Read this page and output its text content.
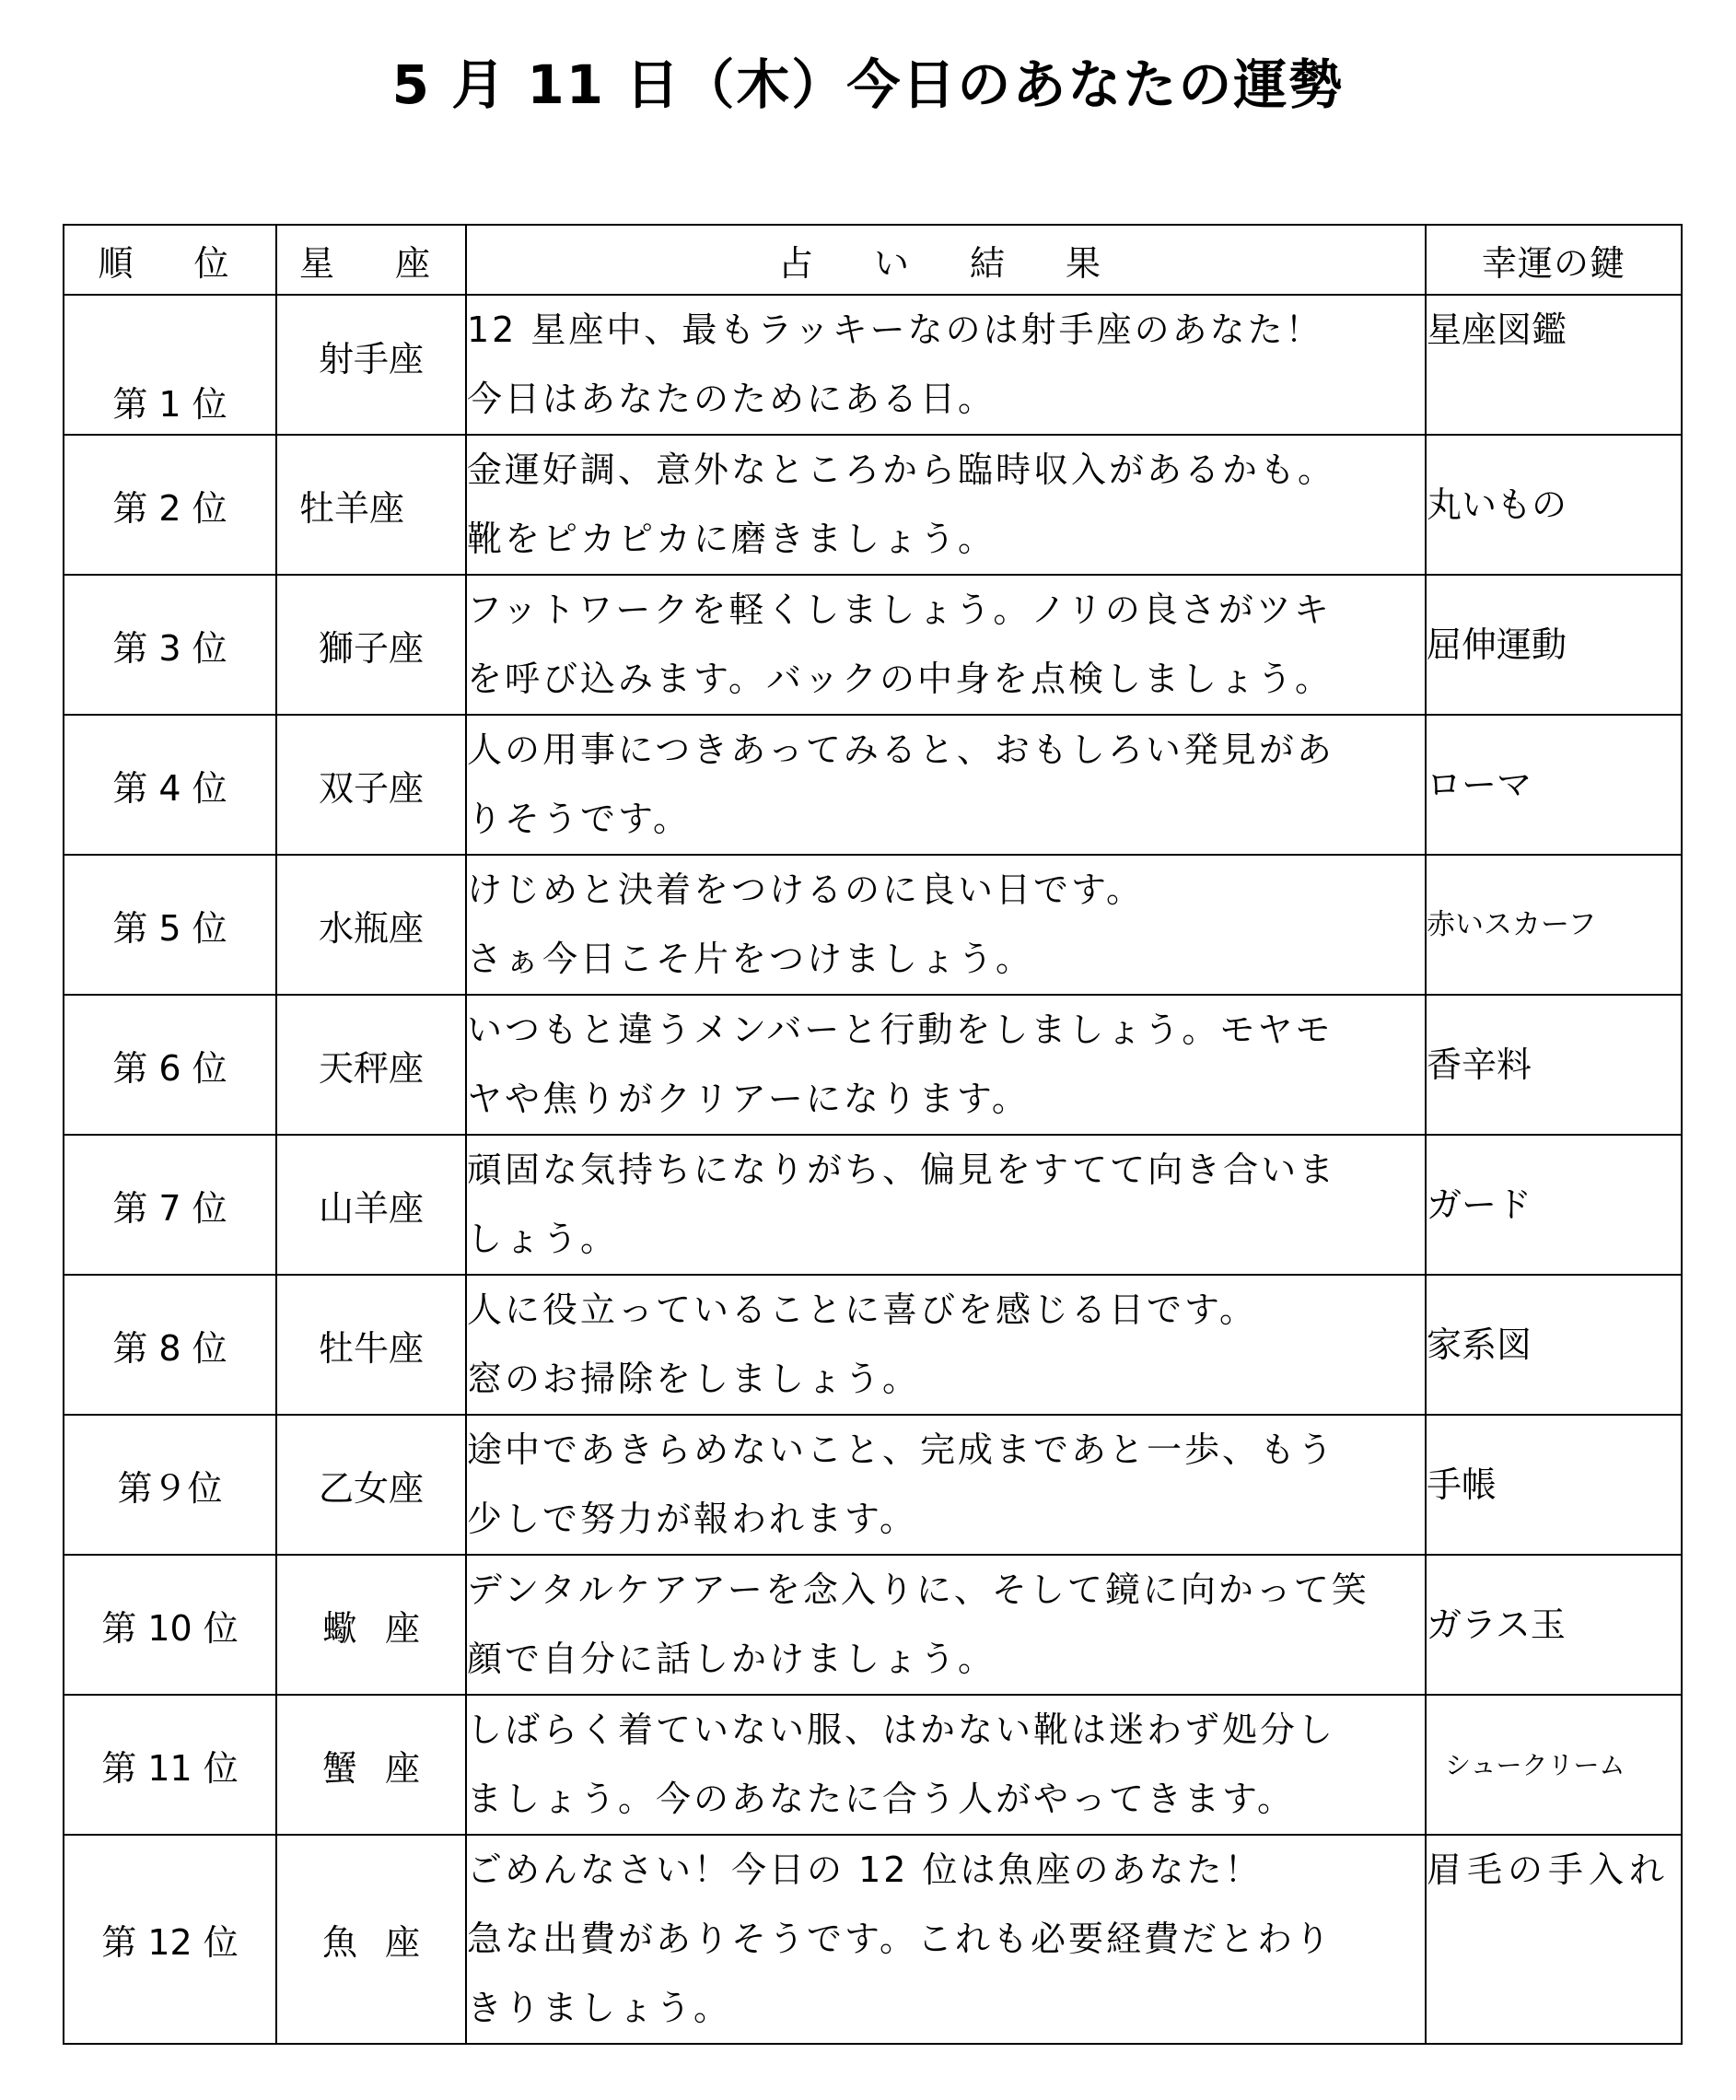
5 月 11 日（木）今日のあなたの運勢
順　位	星　座	占　い　結　果	幸運の鍵
第 1 位	射手座	12 星座中、最もラッキーなのは射手座のあなた！
今日はあなたのためにある日。	星座図鑑
第 2 位	牡羊座	金運好調、意外なところから臨時収入があるかも。
靴をピカピカに磨きましょう。	丸いもの
第 3 位	獅子座	フットワークを軽くしましょう。ノリの良さがツキ
を呼び込みます。バックの中身を点検しましょう。	屈伸運動
第 4 位	双子座	人の用事につきあってみると、おもしろい発見があ
りそうです。	ローマ
第 5 位	水瓶座	けじめと決着をつけるのに良い日です。
さぁ今日こそ片をつけましょう。	赤いスカーフ
第 6 位	天秤座	いつもと違うメンバーと行動をしましょう。モヤモ
ヤや焦りがクリアーになります。	香辛料
第 7 位	山羊座	頑固な気持ちになりがち、偏見をすてて向き合いま
しょう。	ガード
第 8 位	牡牛座	人に役立っていることに喜びを感じる日です。
窓のお掃除をしましょう。	家系図
第９位	乙女座	途中であきらめないこと、完成まであと一歩、もう
少しで努力が報われます。	手帳
第 10 位	蠍座	デンタルケアアーを念入りに、そして鏡に向かって笑
顔で自分に話しかけましょう。	ガラス玉
第 11 位	蟹座	しばらく着ていない服、はかない靴は迷わず処分し
ましょう。今のあなたに合う人がやってきます。	シュークリーム
第 12 位	魚座	ごめんなさい！今日の 12 位は魚座のあなた！
急な出費がありそうです。これも必要経費だとわり
きりましょう。	眉毛の手入れ
